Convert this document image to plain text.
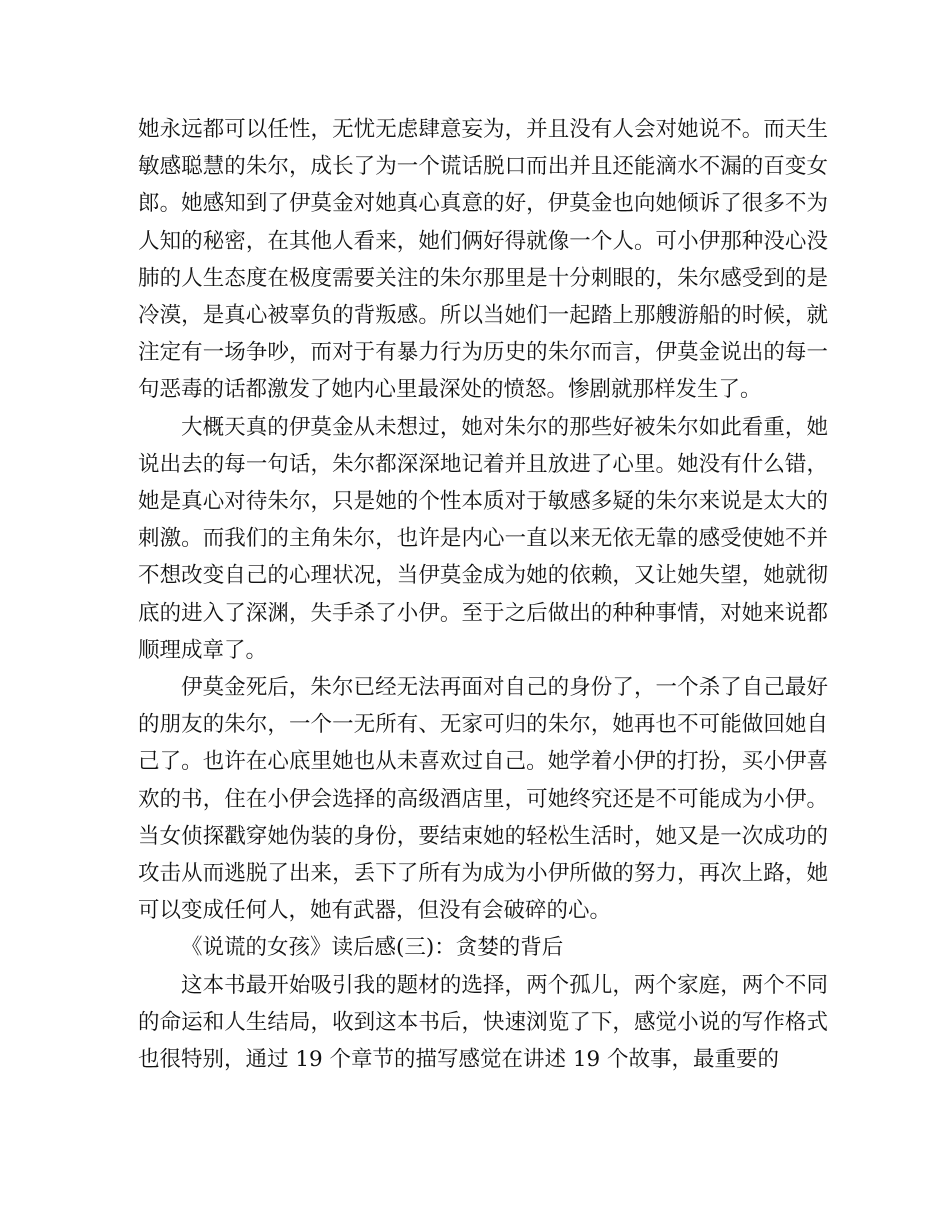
她永远都可以任性，无忧无虑肆意妄为，并且没有人会对她说不。而天生敏感聪慧的朱尔，成长了为一个谎话脱口而出并且还能滴水不漏的百变女郎。她感知到了伊莫金对她真心真意的好，伊莫金也向她倾诉了很多不为人知的秘密，在其他人看来，她们俩好得就像一个人。可小伊那种没心没肺的人生态度在极度需要关注的朱尔那里是十分刺眼的，朱尔感受到的是冷漠，是真心被辜负的背叛感。所以当她们一起踏上那艘游船的时候，就注定有一场争吵，而对于有暴力行为历史的朱尔而言，伊莫金说出的每一句恶毒的话都激发了她内心里最深处的愤怒。惨剧就那样发生了。

大概天真的伊莫金从未想过，她对朱尔的那些好被朱尔如此看重，她说出去的每一句话，朱尔都深深地记着并且放进了心里。她没有什么错，她是真心对待朱尔，只是她的个性本质对于敏感多疑的朱尔来说是太大的刺激。而我们的主角朱尔，也许是内心一直以来无依无靠的感受使她不并不想改变自己的心理状况，当伊莫金成为她的依赖，又让她失望，她就彻底的进入了深渊，失手杀了小伊。至于之后做出的种种事情，对她来说都顺理成章了。

伊莫金死后，朱尔已经无法再面对自己的身份了，一个杀了自己最好的朋友的朱尔，一个一无所有、无家可归的朱尔，她再也不可能做回她自己了。也许在心底里她也从未喜欢过自己。她学着小伊的打扮，买小伊喜欢的书，住在小伊会选择的高级酒店里，可她终究还是不可能成为小伊。当女侦探戳穿她伪装的身份，要结束她的轻松生活时，她又是一次成功的攻击从而逃脱了出来，丢下了所有为成为小伊所做的努力，再次上路，她可以变成任何人，她有武器，但没有会破碎的心。

《说谎的女孩》读后感(三)：贪婪的背后

这本书最开始吸引我的题材的选择，两个孤儿，两个家庭，两个不同的命运和人生结局，收到这本书后，快速浏览了下，感觉小说的写作格式也很特别，通过 19 个章节的描写感觉在讲述 19 个故事，最重要的
